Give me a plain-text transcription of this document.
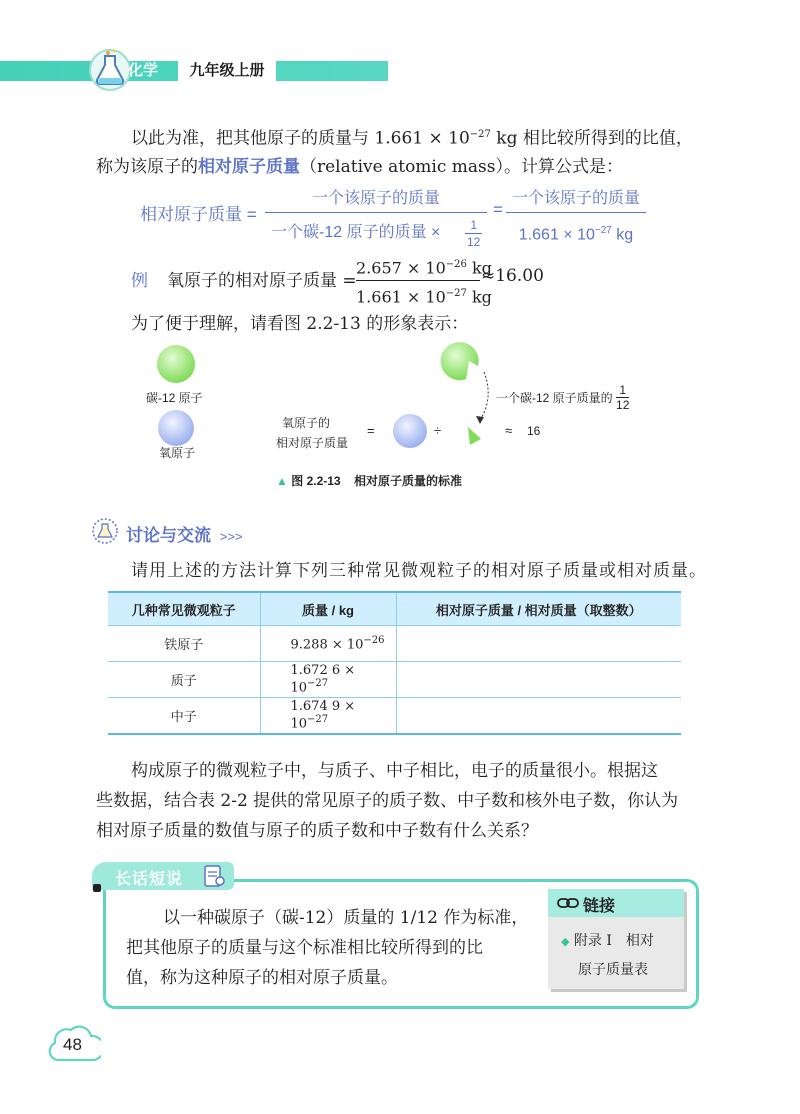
化学	九年级上册
以此为准，把其他原子的质量与 $1.661 \times 10^{-27}$ kg 相比较所得到的比值，
称为该原子的相对原子质量（relative atomic mass）。计算公式是：
相对原子质量 =
一个该原子的质量
一个碳-12 原子的质量 × $\frac{1}{12}$
=
一个该原子的质量
$1.661 \times 10^{-27}$ kg
例 氧原子的相对原子质量 = $\frac{2.657 \times 10^{-26} kg}{1.661 \times 10^{-27} kg} \approx 16.00$
为了便于理解，请看图 2.2-13 的形象表示：
碳-12 原子
氧原子
氧原子的
相对原子质量
=	÷	≈ 16
一个碳-12 原子质量的 $\frac{1}{12}$
▲ 图 2.2-13 相对原子质量的标准
讨论与交流 >>>
请用上述的方法计算下列三种常见微观粒子的相对原子质量或相对质量。
几种常见微观粒子	质量 / kg	相对原子质量 / 相对质量（取整数）
铁原子	$9.288 \times 10^{-26}$	
质子	1.672 $6 \times 10^{-27}$	
中子	1.674 $9 \times 10^{-27}$	
构成原子的微观粒子中，与质子、中子相比，电子的质量很小。根据这
些数据，结合表 2-2 提供的常见原子的质子数、中子数和核外电子数，你认为
相对原子质量的数值与原子的质子数和中子数有什么关系？
长话短说
以一种碳原子（碳-12）质量的 1/12 作为标准，
把其他原子的质量与这个标准相比较所得到的比
值，称为这种原子的相对原子质量。
链接
◆ 附录 I　相对
原子质量表
48
